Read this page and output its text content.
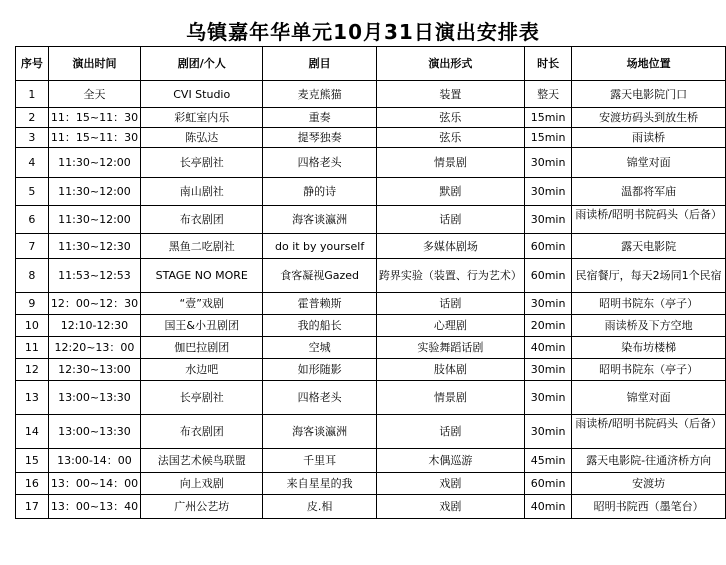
乌镇嘉年华单元10月31日演出安排表
序号	演出时间	剧团/个人	剧目	演出形式	时长	场地位置
1	全天	CVI Studio	麦克熊猫	装置	整天	露天电影院门口
2	11：15~11：30	彩虹室内乐	重奏	弦乐	15min	安渡坊码头到放生桥
3	11：15~11：30	陈弘达	提琴独奏	弦乐	15min	雨读桥
4	11:30~12:00	长亭剧社	四格老头	情景剧	30min	锦堂对面
5	11:30~12:00	南山剧社	静的诗	默剧	30min	温都将军庙
6	11:30~12:00	布衣剧团	海客谈瀛洲	话剧	30min	雨读桥/昭明书院码头（后备）

7	11:30~12:30	黑鱼二吃剧社	do it by yourself	多媒体剧场	60min	露天电影院
8	11:53~12:53	STAGE NO MORE	食客凝视Gazed	跨界实验（装置、行为艺术）	60min	民宿餐厅，每天2场同1个民宿
9	12：00~12：30	“壹”戏剧	霍普赖斯	话剧	30min	昭明书院东（亭子）
10	12:10-12:30	国王&小丑剧团	我的船长	心理剧	20min	雨读桥及下方空地
11	12:20~13：00	伽巴拉剧团	空城	实验舞蹈话剧	40min	染布坊楼梯
12	12:30~13:00	水边吧	如形随影	肢体剧	30min	昭明书院东（亭子）
13	13:00~13:30	长亭剧社	四格老头	情景剧	30min	锦堂对面
14	13:00~13:30	布衣剧团	海客谈瀛洲	话剧	30min	雨读桥/昭明书院码头（后备）

15	13:00-14：00	法国艺术候鸟联盟	千里耳	木偶巡游	45min	露天电影院-往通济桥方向
16	13：00~14：00	向上戏剧	来自星星的我	戏剧	60min	安渡坊
17	13：00~13：40	广州公艺坊	皮.相	戏剧	40min	昭明书院西（墨笔台）
